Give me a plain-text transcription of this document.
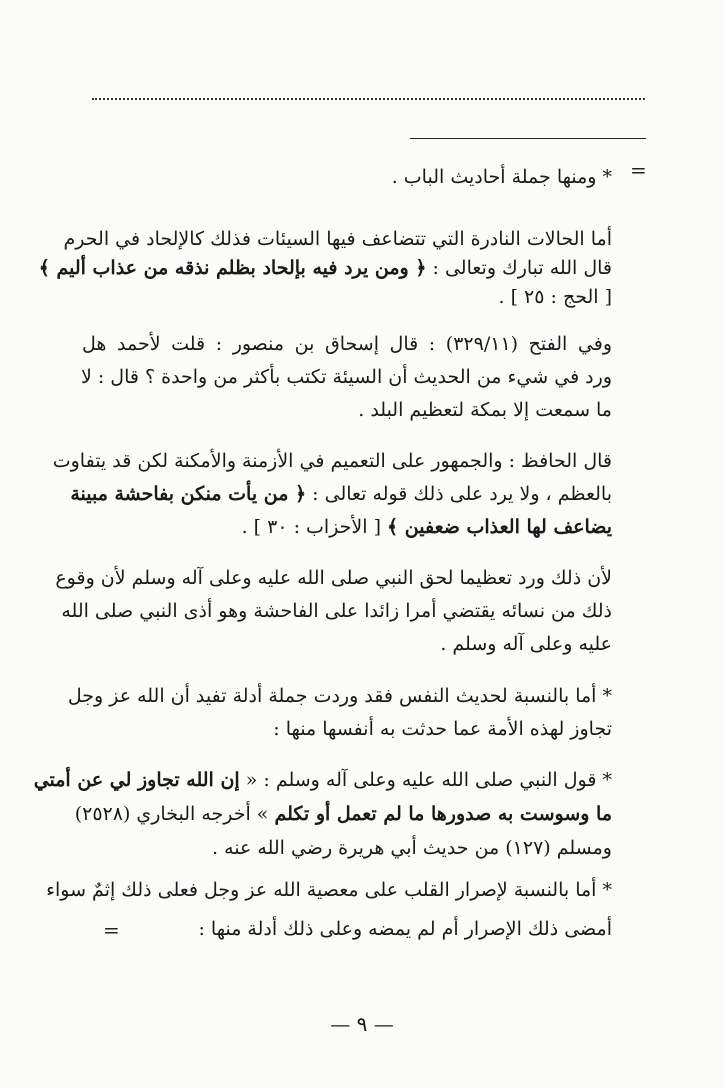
=
* ومنها جملة أحاديث الباب .
أما الحالات النادرة التي تتضاعف فيها السيئات فذلك كالإلحاد في الحرم
قال الله تبارك وتعالى : ﴿ ومن يرد فيه بإلحاد بظلم نذقه من عذاب أليم ﴾
[ الحج : ٢٥ ] .
وفي الفتح (٣٢٩/١١) : قال إسحاق بن منصور : قلت لأحمد هل
ورد في شيء من الحديث أن السيئة تكتب بأكثر من واحدة ؟ قال : لا
ما سمعت إلا بمكة لتعظيم البلد .
قال الحافظ : والجمهور على التعميم في الأزمنة والأمكنة لكن قد يتفاوت
بالعظم ، ولا يرد على ذلك قوله تعالى : ﴿ من يأت منكن بفاحشة مبينة
يضاعف لها العذاب ضعفين ﴾ [ الأحزاب : ٣٠ ] .
لأن ذلك ورد تعظيما لحق النبي صلى الله عليه وعلى آله وسلم لأن وقوع
ذلك من نسائه يقتضي أمرا زائدا على الفاحشة وهو أذى النبي صلى الله
عليه وعلى آله وسلم .
* أما بالنسبة لحديث النفس فقد وردت جملة أدلة تفيد أن الله عز وجل
تجاوز لهذه الأمة عما حدثت به أنفسها منها :
* قول النبي صلى الله عليه وعلى آله وسلم : « إن الله تجاوز لي عن أمتي
ما وسوست به صدورها ما لم تعمل أو تكلم » أخرجه البخاري (٢٥٢٨)
ومسلم (١٢٧) من حديث أبي هريرة رضي الله عنه .
* أما بالنسبة لإصرار القلب على معصية الله عز وجل فعلى ذلك إثمٌ سواء
أمضى ذلك الإصرار أم لم يمضه وعلى ذلك أدلة منها :
=
— ٩ —
